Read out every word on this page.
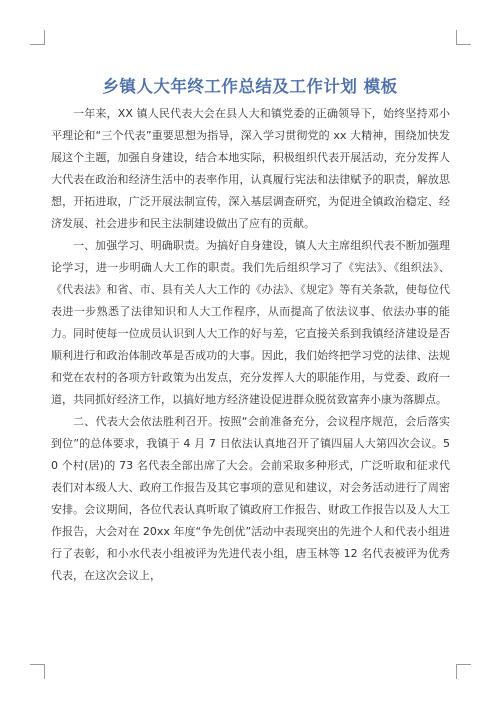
乡镇人大年终工作总结及工作计划 模板

一年来，XX 镇人民代表大会在县人大和镇党委的正确领导下，始终坚持邓小平理论和“三个代表”重要思想为指导，深入学习贯彻党的 xx 大精神，围绕加快发展这个主题，加强自身建设，结合本地实际，积极组织代表开展活动，充分发挥人大代表在政治和经济生活中的表率作用，认真履行宪法和法律赋予的职责，解放思想，开拓进取，广泛开展法制宣传，深入基层调查研究，为促进全镇政治稳定、经济发展、社会进步和民主法制建设做出了应有的贡献。

一、加强学习、明确职责。为搞好自身建设，镇人大主席组织代表不断加强理论学习，进一步明确人大工作的职责。我们先后组织学习了《宪法》、《组织法》、《代表法》和省、市、县有关人大工作的《办法》、《规定》等有关条款，使每位代表进一步熟悉了法律知识和人大工作程序，从而提高了依法议事、依法办事的能力。同时使每一位成员认识到人大工作的好与差，它直接关系到我镇经济建设是否顺利进行和政治体制改革是否成功的大事。因此，我们始终把学习党的法律、法规和党在农村的各项方针政策为出发点，充分发挥人大的职能作用，与党委、政府一道，共同抓好经济工作，以搞好地方经济建设促进群众脱贫致富奔小康为落脚点。

二、代表大会依法胜利召开。按照“会前准备充分，会议程序规范，会后落实到位”的总体要求，我镇于 4 月 7 日依法认真地召开了镇四届人大第四次会议。50 个村(居)的 73 名代表全部出席了大会。会前采取多种形式，广泛听取和征求代表们对本级人大、政府工作报告及其它事项的意见和建议，对会务活动进行了周密安排。会议期间，各位代表认真听取了镇政府工作报告、财政工作报告以及人大工作报告，大会对在 20xx 年度“争先创优”活动中表现突出的先进个人和代表小组进行了表彰，和小水代表小组被评为先进代表小组，唐玉林等 12 名代表被评为优秀代表，在这次会议上，
